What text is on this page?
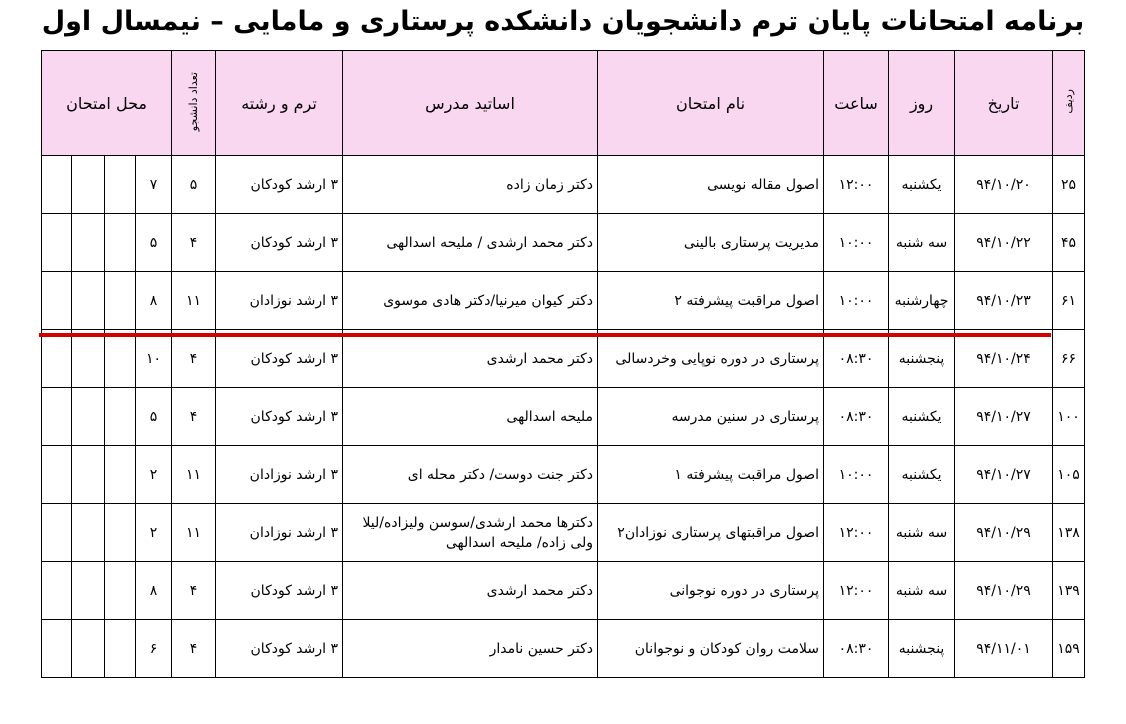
برنامه امتحانات پایان ترم دانشجویان دانشکده پرستاری و مامایی – نیمسال اول
ردیف	تاریخ	روز	ساعت	نام امتحان	اساتید مدرس	ترم و رشته	تعداد دانشجو	محل امتحان			
۲۵	۹۴/۱۰/۲۰	یکشنبه	۱۲:۰۰	اصول مقاله نویسی	دکتر زمان زاده	۳ ارشد کودکان	۵	۷			
۴۵	۹۴/۱۰/۲۲	سه شنبه	۱۰:۰۰	مدیریت پرستاری بالینی	دکتر محمد ارشدی / ملیحه اسدالهی	۳ ارشد کودکان	۴	۵			
۶۱	۹۴/۱۰/۲۳	چهارشنبه	۱۰:۰۰	اصول مراقبت پیشرفته ۲	دکتر کیوان میرنیا/دکتر هادی موسوی	۳ ارشد نوزادان	۱۱	۸			
۶۶	۹۴/۱۰/۲۴	پنجشنبه	۰۸:۳۰	پرستاری در دوره نوپایی وخردسالی	دکتر محمد ارشدی	۳ ارشد کودکان	۴	۱۰			
۱۰۰	۹۴/۱۰/۲۷	یکشنبه	۰۸:۳۰	پرستاری در سنین مدرسه	ملیحه اسدالهی	۳ ارشد کودکان	۴	۵			
۱۰۵	۹۴/۱۰/۲۷	یکشنبه	۱۰:۰۰	اصول مراقبت پیشرفته ۱	دکتر جنت دوست/ دکتر محله ای	۳ ارشد نوزادان	۱۱	۲			
۱۳۸	۹۴/۱۰/۲۹	سه شنبه	۱۲:۰۰	اصول مراقبتهای پرستاری نوزادان۲	دکترها محمد ارشدی/سوسن ولیزاده/لیلا ولی زاده/ ملیحه اسدالهی	۳ ارشد نوزادان	۱۱	۲			
۱۳۹	۹۴/۱۰/۲۹	سه شنبه	۱۲:۰۰	پرستاری در دوره نوجوانی	دکتر محمد ارشدی	۳ ارشد کودکان	۴	۸			
۱۵۹	۹۴/۱۱/۰۱	پنجشنبه	۰۸:۳۰	سلامت روان کودکان و نوجوانان	دکتر حسین نامدار	۳ ارشد کودکان	۴	۶			
